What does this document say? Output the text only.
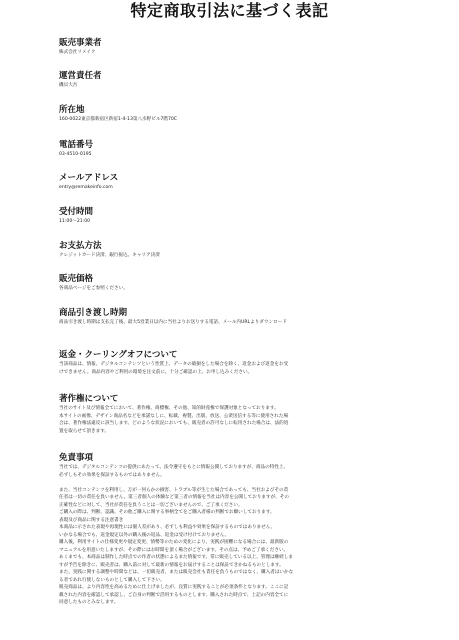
特定商取引法に基づく表記
販売事業者
株式会社リメイク
運営責任者
磯貝大吾
所在地
160-0022東京都新宿区新宿1-4-13第八水野ビル7階70C
電話番号
03-4510-0195
メールアドレス
entry@remakeinfo.com
受付時間
11:00～21:00
お支払方法
クレジットカード決済、銀行振込、キャリア決済
販売価格
各商品ページをご参照ください。
商品引き渡し時期
商品引き渡し時期は支払完了後、最大5営業日以内に当社よりお送りする電話、メール内URLよりダウンロード
返金・クーリングオフについて
当該商品は、情報、デジタルコンテンツという性質上、データの破損をした場合を除く、返金および返金をお受
けできません。商品内容やご利用の環境を注文前に、十分ご確認の上、お申し込みください。
著作権について
当社のサイト及び情報全てにおいて、著作権、商標権、その他、知的財産権で保護対象となっております。
本サイトの画像、デザイン商品名などを承諾なしに、転載、複製、出版、放送、公衆送信する等に使用された場
合は、著作権法違反に該当します。どのような状況においても、販売者の許可なしに転用された場合は、法的処
置を取らせて頂きます。
免責事項
当社では、デジタルコンテンツの提供にあたって、法令遵守をもとに情報公開しておりますが、商品の特性上、
必ずしもその効果を保証するものではありません。

また、当社コンテンツを利用し、万が一何らかの損害、トラブル等が生じた場合であっても、当社およびその責
任者は一切の責任を負いません。第三者個人の体験など第三者の情報を当社は内容を公開しておりますが、その
正確性などに対して、当社が責任を負うことは一切ございませんので、ご了承ください。
ご購入の際は、判断、認識、その他ご購入に関する事柄全てをご購入者様の判断でお願いしております。
表現及び商品に関する注意書き
本商品に示された表現や再現性には個人差があり、必ずしも利益や効果を保証するものではありません。
いかなる場合でも、返金規定以外の購入後の返品、返金は受け付けておりません。
購入後、利用サイトの仕様変更や規定変更、情勢等のための変化により、実践が困難になる場合には、最新版の
マニュアルを用意いたしますが、その際にはお時間を頂く場合がございます。その点は、予めご了承ください。
あくまでも、本商品は制作した時点での作者の状態によるまた情報です。常に販売している以上、管理は継続しま
すが予告を除きに、販売者は、購入前に対して最新の情報をお届けすることは保証できかねるものとします。
また、実践に関する調整や時間などは、一切販売者、または販売会社も責任を負うものではなく、購入者はいかな
る者であれ行使しないものとして購入して下さい。
販売商品は、より内容性を高めるために仕上げましたが、良質に実践することが必須条件となります。ここに記
載された内容を確認して承認し、ご自身の判断で活用するものとします。購入された時点で、上記の内容全てに
同意したものとみなします。
